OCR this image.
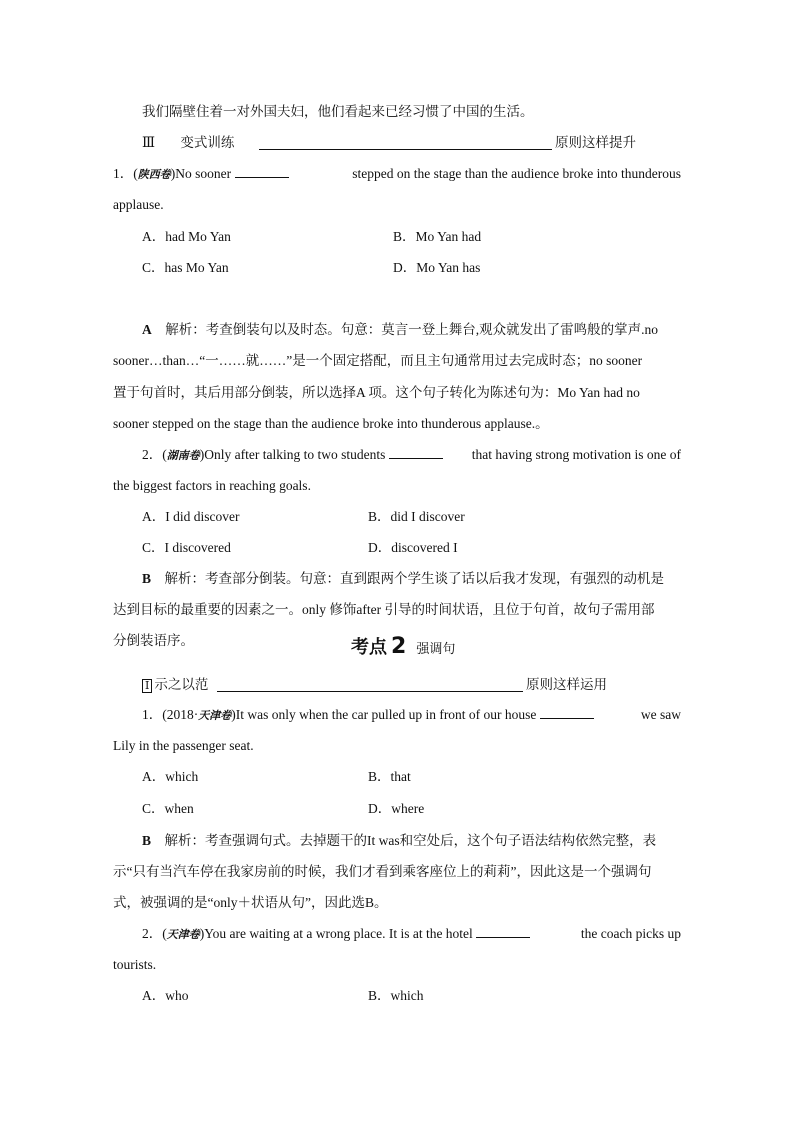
我们隔壁住着一对外国夫妇，他们看起来已经习惯了中国的生活。
Ⅲ 变式训练	原则这样提升
1．(陕西卷)No sooner	stepped on the stage than the audience broke into thunderous
applause.
A．had Mo Yan	B．Mo Yan had
C．has Mo Yan	D．Mo Yan has
A　 解析：考查倒装句以及时态。句意：莫言一登上舞台,观众就发出了雷鸣般的掌声.no
sooner…than…“一……就……”是一个固定搭配，而且主句通常用过去完成时态；no sooner
置于句首时，其后用部分倒装，所以选择A 项。这个句子转化为陈述句为：Mo Yan had no
sooner stepped on the stage than the audience broke into thunderous applause.。
2．(湖南卷)Only after talking to two students	that having strong motivation is one of
the biggest factors in reaching goals.
A．I did discover	B．did I discover
C．I discovered	D．discovered I
B　 解析：考查部分倒装。句意：直到跟两个学生谈了话以后我才发现，有强烈的动机是
达到目标的最重要的因素之一。only 修饰after 引导的时间状语，且位于句首，故句子需用部
分倒装语序。	考点 2 强调句
Ⅰ 示之以范	原则这样运用
1．(2018·天津卷)It was only when the car pulled up in front of our house	we saw
Lily in the passenger seat.
A．which	B．that
C．when	D．where
B　 解析：考查强调句式。去掉题干的It was和空处后，这个句子语法结构依然完整，表
示“只有当汽车停在我家房前的时候，我们才看到乘客座位上的莉莉”，因此这是一个强调句
式，被强调的是“only＋状语从句”，因此选B。
2．(天津卷)You are waiting at a wrong place. It is at the hotel	the coach picks up
tourists.
A．who	B．which
